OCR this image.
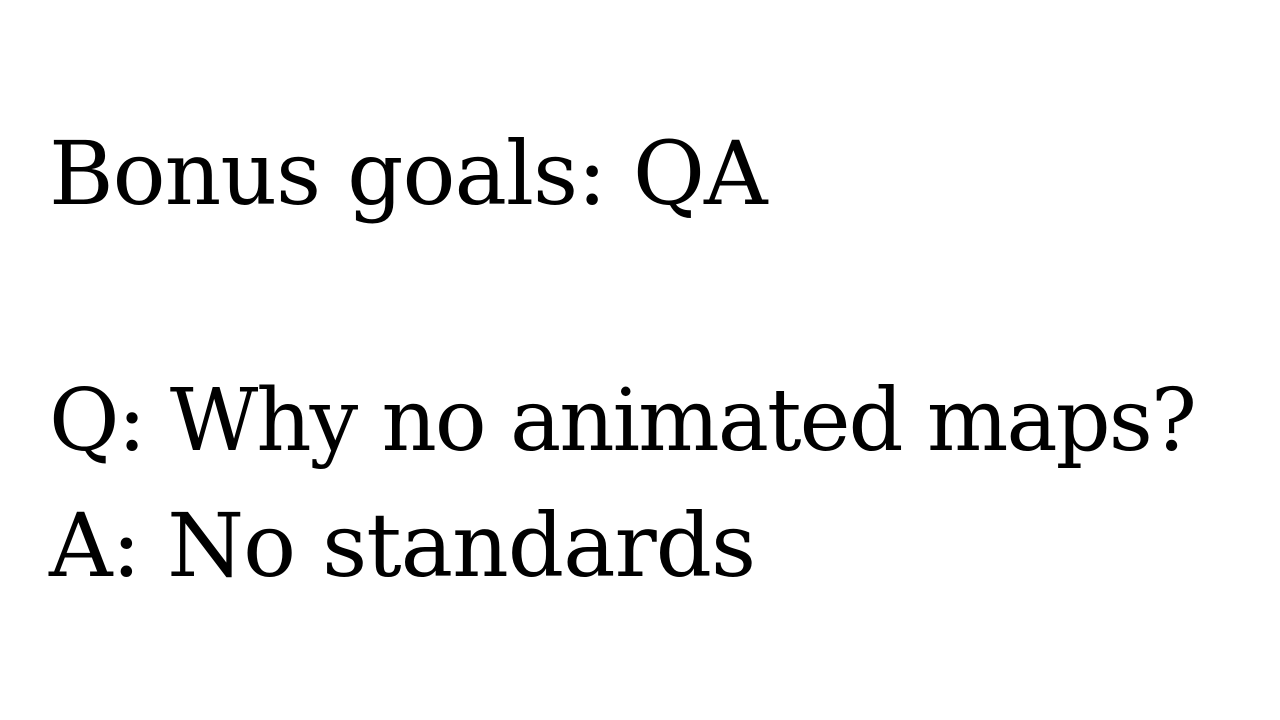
Bonus goals: QA

Q: Why no animated maps?

A: No standards
